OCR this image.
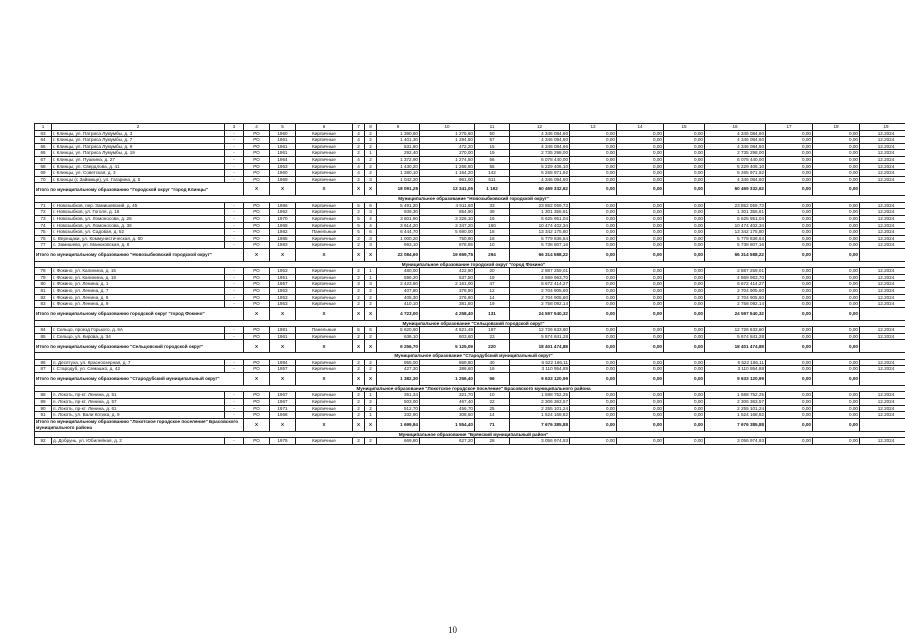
1	2	3	4	5	6	7	8	9	10	11	12	13	14	15	16	17	18	19
63	г. Клинцы, ул. Патриса Лумумбы, д. 3	-	РО	1960	Кирпичные	4	2	1 390,60	1 275,60	50	4 346 084,60	0,00	0,00	0,00	4 346 084,60	0,00	0,00	12.2024
64	г. Клинцы, ул. Патриса Лумумбы, д. 7	-	РО	1961	Кирпичные	4	2	1 401,30	1 294,60	57	4 346 084,60	0,00	0,00	0,00	4 346 084,60	0,00	0,00	12.2024
65	г. Клинцы, ул. Патриса Лумумбы, д. 9	-	РО	1961	Кирпичные	2	2	531,80	472,20	15	4 346 084,66	0,00	0,00	0,00	4 346 084,60	0,00	0,00	12.2024
66	г. Клинцы, ул. Патриса Лумумбы, д. 19	-	РО	1961	Кирпичные	2	1	292,40	270,00	19	2 735 298,00	0,00	0,00	0,00	2 735 298,00	0,00	0,00	12.2024
67	г. Клинцы, ул. Пушкина, д. 27	-	РО	1964	Кирпичные	4	2	1 372,90	1 274,50	56	6 078 440,00	0,00	0,00	0,00	6 078 440,00	0,00	0,00	12.2024
68	г. Клинцы, ул. Свердлова, д. 41	-	РО	1963	Кирпичные	4	2	1 430,20	1 268,60	55	5 229 406,10	0,00	0,00	0,00	5 229 406,10	0,00	0,00	12.2024
69	г. Клинцы, ул. Советская, д. 3	-	РО	1960	Кирпичные	4	2	1 380,10	1 164,20	142	5 265 971,92	0,00	0,00	0,00	5 265 971,92	0,00	0,00	12.2024
70	г. Клинцы (с Займище), ул. Гагарина, д. 5	-	РО	1969	Кирпичные	2	3	1 042,30	961,00	511	4 346 084,60	0,00	0,00	0,00	4 346 084,60	0,00	0,00	12.2024
Итого по муниципальному образованию "Городской округ "город Клинцы"			X	X	X	X	X	18 091,25	13 341,05	1 192	60 469 332,62	0,00	0,00	0,00	60 469 332,62	0,00	0,00	
Муниципальное образование "Новозыбковский городской округ"																		
71	г. Новозыбков, пер. Замишевский, д. 45	-	РО	1986	Кирпичные	5	6	5 491,20	4 911,60	33	23 852 059,73	0,00	0,00	0,00	23 852 059,73	0,00	0,00	12.2024
72	г. Новозыбков, ул. Гоголя, д. 18	-	РО	1962	Кирпичные	2	3	939,30	854,90	39	1 301 355,61	0,00	0,00	0,00	1 301 355,61	0,00	0,00	12.2024
73	г. Новозыбков, ул. Ломоносова, д. 26	-	РО	1970	Кирпичные	5	4	3 601,90	3 326,10	16	5 625 951,04	0,00	0,00	0,00	5 625 951,04	0,00	0,00	12.2024
74	г. Новозыбков, ул. Ломоносова, д. 36	-	РО	1968	Кирпичные	5	4	3 614,20	3 347,20	160	10 474 402,34	0,00	0,00	0,00	10 474 402,34	0,00	0,00	12.2024
75	г. Новозыбков, ул. Садовая, д. 52	-	РО	1982	Панельные	5	6	6 444,70	5 690,00	18	13 342 175,80	0,00	0,00	0,00	13 342 175,80	0,00	0,00	12.2024
76	с. Верещаки, ул. Коммунистическая, д. 60	-	РО	1985	Кирпичные	2	3	1 000,20	750,90	18	5 779 836,64	0,00	0,00	0,00	5 779 836,64	0,00	0,00	12.2024
77	с. Замишево, ул. Манюковская, д. 8	-	РО	1983	Кирпичные	2	3	993,10	878,85	10	5 738 807,16	0,00	0,00	0,00	5 738 807,16	0,00	0,00	12.2024
Итого по муниципальному образованию "Новозыбковский городской округ"			X	X	X	X	X	22 084,60	19 659,75	294	66 314 588,22	0,00	0,00	0,00	66 314 588,22	0,00	0,00	
Муниципальное образование городской округ "город Фокино"																		
78	г. Фокино, ул. Калинина, д. 15	-	РО	1953	Кирпичные	2	1	480,00	422,90	20	2 887 259,01	0,00	0,00	0,00	2 887 259,01	0,00	0,00	12.2024
79	г. Фокино, ул. Калинина, д. 19	-	РО	1951	Кирпичные	2	1	596,20	537,50	19	4 869 963,70	0,00	0,00	0,00	4 869 963,70	0,00	0,00	12.2024
80	г. Фокино, ул. Ленина, д. 1	-	РО	1957	Кирпичные	3	3	2 423,60	2 161,00	47	6 672 414,27	0,00	0,00	0,00	6 672 414,27	0,00	0,00	12.2024
81	г. Фокино, ул. Ленина, д. 7	-	РО	1953	Кирпичные	2	2	407,80	378,90	12	2 704 905,60	0,00	0,00	0,00	2 704 905,60	0,00	0,00	12.2024
82	г. Фокино, ул. Ленина, д. 8	-	РО	1953	Кирпичные	2	2	405,30	376,60	14	2 704 905,60	0,00	0,00	0,00	2 704 905,60	0,00	0,00	12.2024
83	г. Фокино, ул. Ленина, д. 9	-	РО	1953	Кирпичные	2	2	410,10	381,50	19	2 758 092,14	0,00	0,00	0,00	2 758 092,14	0,00	0,00	12.2024
Итого по муниципальному образованию городской округ "город Фокино"			X	X	X	X	X	4 723,00	4 258,40	131	24 597 540,32	0,00	0,00	0,00	24 597 540,32	0,00	0,00	
Муниципальное образование "Сельцовский городской округ"																		
84	г. Сельцо, проезд Горького, д. 6А	-	РО	1981	Панельные	5	6	5 620,60	4 521,49	197	12 726 633,60	0,00	0,00	0,00	12 726 633,60	0,00	0,00	12.2024
85	г. Сельцо, ул. Кирова, д. 34	-	РО	1961	Кирпичные	2	2	636,10	603,60	23	5 674 841,28	0,00	0,00	0,00	5 674 841,28	0,00	0,00	12.2024
Итого по муниципальному образованию "Сельцовский городской округ"			X	X	X	X	X	6 256,70	5 125,09	220	18 401 474,88	0,00	0,00	0,00	18 401 474,88	0,00	0,00	
Муниципальное образование "Стародубский муниципальный округ"																		
86	п. Десятуха, ул. Красноозерная, д. 7	-	РО	1984	Кирпичные	2	2	955,00	869,80	40	6 522 166,11	0,00	0,00	0,00	6 522 166,11	0,00	0,00	12.2024
87	г. Стародуб, ул. Семашко, д. 42	-	РО	1957	Кирпичные	2	2	427,30	386,60	16	3 110 954,88	0,00	0,00	0,00	3 110 954,88	0,00	0,00	12.2024
Итого по муниципальному образованию "Стародубский муниципальный округ"			X	X	X	X	X	1 382,30	1 256,40	56	9 633 120,99	0,00	0,00	0,00	9 633 120,99	0,00	0,00	
Муниципальное образование "Локотское городское поселение" Брасовского муниципального района																		
88	п. Локоть, пр-кт. Ленина, д. 51	-	РО	1967	Кирпичные	2	1	351,34	321,70	10	1 588 752,25	0,00	0,00	0,00	1 588 752,25	0,00	0,00	12.2024
89	п. Локоть, пр-кт. Ленина, д. 57	-	РО	1967	Кирпичные	2	2	503,00	467,40	22	2 306 363,57	0,00	0,00	0,00	2 306 363,57	0,00	0,00	12.2024
90	п. Локоть, пр-кт. Ленина, д. 61	-	РО	1971	Кирпичные	2	2	512,70	456,70	25	2 255 101,24	0,00	0,00	0,00	2 255 101,24	0,00	0,00	12.2024
91	п. Локоть, ул. Вали Котика, д. 9	-	РО	1968	Кирпичные	2	1	332,90	308,60	14	1 524 168,82	0,00	0,00	0,00	1 524 168,82	0,00	0,00	12.2024
Итого по муниципальному образованию "Локотское городское поселение" Брасовского муниципального района			X	X	X	X	X	1 699,84	1 554,40	71	7 676 385,88	0,00	0,00	0,00	7 676 385,88	0,00	0,00	
Муниципальное образование "Брянский муниципальный район"																		
92	д. Добрунь, ул. Юбилейная, д. 2	-	РО	1975	Кирпичные	2	2	669,80	627,20	28	3 056 974,93	0,00	0,00	0,00	3 056 974,93	0,00	0,00	12.2024
10
